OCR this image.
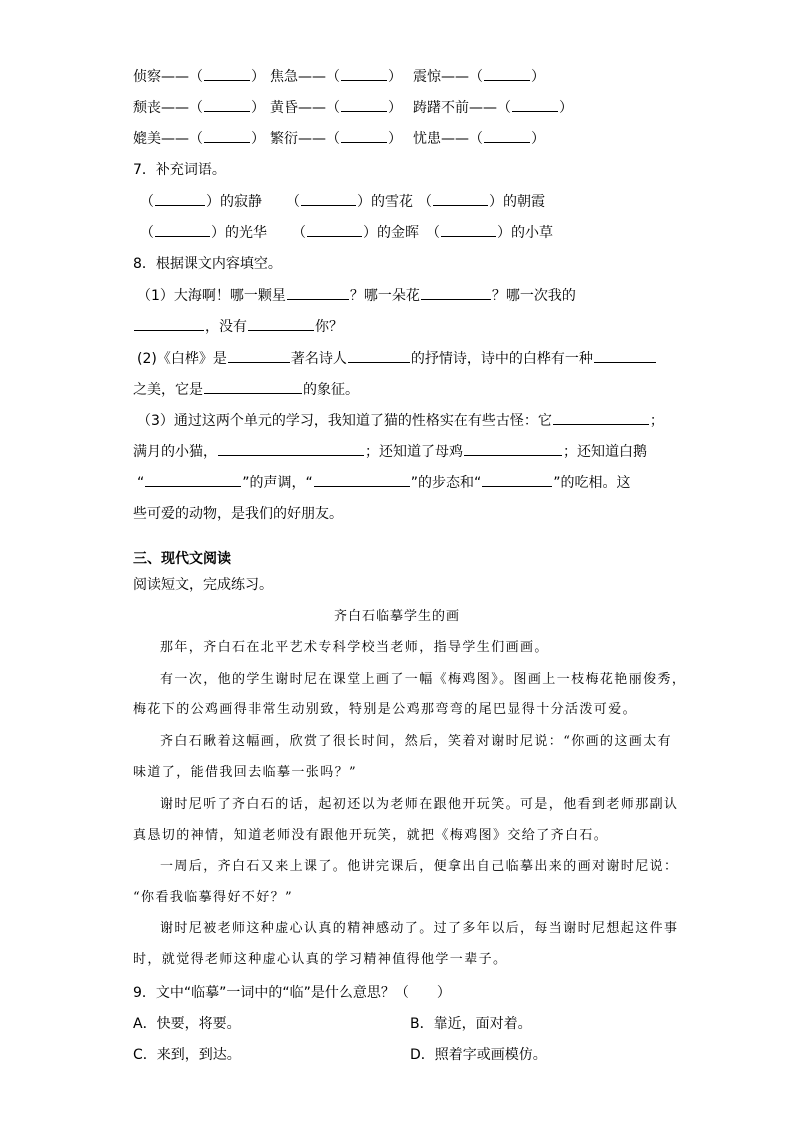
侦察——（	） 焦急——（	） 震惊——（	）
颓丧——（	） 黄昏——（	） 踌躇不前——（	）
媲美——（	） 繁衍——（	） 忧患——（	）
7．补充词语。
（	）的寂静 （	）的雪花 （	）的朝霞
（	）的光华 （	）的金晖 （	）的小草
8．根据课文内容填空。
（1）大海啊！哪一颗星	？哪一朵花	？哪一次我的
，没有	你？
(2)《白桦》是	著名诗人	的抒情诗，诗中的白桦有一种
之美，它是	的象征。
（3）通过这两个单元的学习，我知道了猫的性格实在有些古怪：它	；
满月的小猫，	；还知道了母鸡	；还知道白鹅
“	”的声调，“	”的步态和“	”的吃相。这
些可爱的动物，是我们的好朋友。
三、现代文阅读
阅读短文，完成练习。
齐白石临摹学生的画
那年，齐白石在北平艺术专科学校当老师，指导学生们画画。
有一次，他的学生谢时尼在课堂上画了一幅《梅鸡图》。图画上一枝梅花艳丽俊秀，
梅花下的公鸡画得非常生动别致，特别是公鸡那弯弯的尾巴显得十分活泼可爱。
齐白石瞅着这幅画，欣赏了很长时间，然后，笑着对谢时尼说：“你画的这画太有
味道了，能借我回去临摹一张吗？”
谢时尼听了齐白石的话，起初还以为老师在跟他开玩笑。可是，他看到老师那副认
真恳切的神情，知道老师没有跟他开玩笑，就把《梅鸡图》交给了齐白石。
一周后，齐白石又来上课了。他讲完课后，便拿出自己临摹出来的画对谢时尼说：
“你看我临摹得好不好？”
谢时尼被老师这种虚心认真的精神感动了。过了多年以后，每当谢时尼想起这件事
时，就觉得老师这种虚心认真的学习精神值得他学一辈子。
9．文中“临摹”一词中的“临”是什么意思？（　　）
A．快要，将要。	B．靠近，面对着。
C．来到，到达。	D．照着字或画模仿。
